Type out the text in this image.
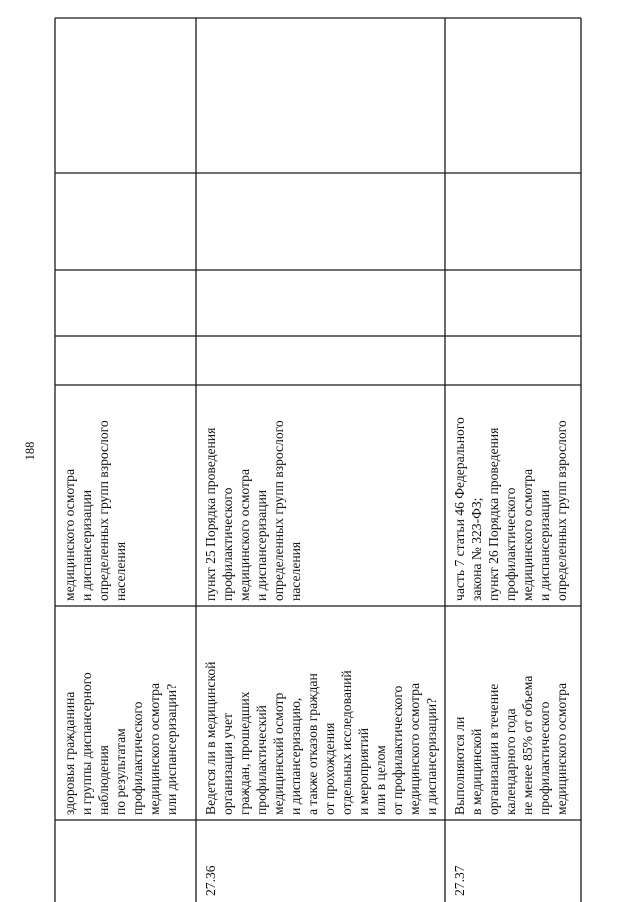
188
здоровья гражданина и группы диспансерного наблюдения по результатам профилактического медицинского осмотра или диспансеризации?
медицинского осмотра и диспансеризации определенных групп взрослого населения
27.36
Ведется ли в медицинской организации учет граждан, прошедших профилактический медицинский осмотр и диспансеризацию, а также отказов граждан от прохождения отдельных исследований и мероприятий или в целом от профилактического медицинского осмотра и диспансеризации?
пункт 25 Порядка проведения профилактического медицинского осмотра и диспансеризации определенных групп взрослого населения
27.37
Выполняются ли в медицинской организации в течение календарного года не менее 85% от объема профилактического медицинского осмотра
часть 7 статьи 46 Федерального закона № 323-ФЗ; пункт 26 Порядка проведения профилактического медицинского осмотра и диспансеризации определенных групп взрослого
